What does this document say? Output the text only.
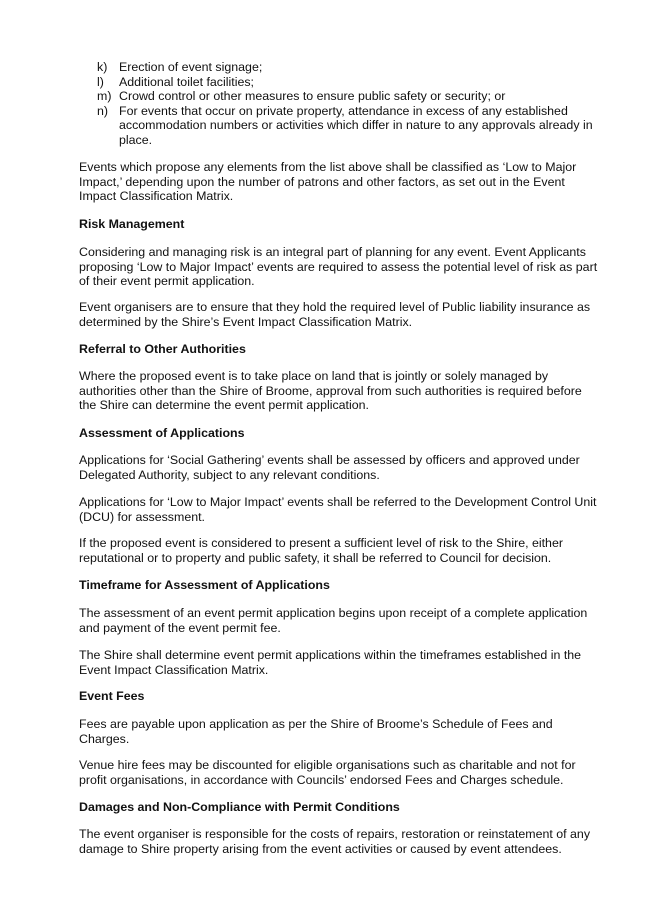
k) Erection of event signage;
l)	Additional toilet facilities;
m) Crowd control or other measures to ensure public safety or security; or
n) For events that occur on private property, attendance in excess of any established accommodation numbers or activities which differ in nature to any approvals already in place.

Events which propose any elements from the list above shall be classified as ‘Low to Major Impact,’ depending upon the number of patrons and other factors, as set out in the Event Impact Classification Matrix.

Risk Management

Considering and managing risk is an integral part of planning for any event. Event Applicants proposing ‘Low to Major Impact’ events are required to assess the potential level of risk as part of their event permit application.

Event organisers are to ensure that they hold the required level of Public liability insurance as determined by the Shire’s Event Impact Classification Matrix.

Referral to Other Authorities

Where the proposed event is to take place on land that is jointly or solely managed by authorities other than the Shire of Broome, approval from such authorities is required before the Shire can determine the event permit application.

Assessment of Applications

Applications for ‘Social Gathering’ events shall be assessed by officers and approved under Delegated Authority, subject to any relevant conditions.

Applications for ‘Low to Major Impact’ events shall be referred to the Development Control Unit (DCU) for assessment.

If the proposed event is considered to present a sufficient level of risk to the Shire, either reputational or to property and public safety, it shall be referred to Council for decision.

Timeframe for Assessment of Applications

The assessment of an event permit application begins upon receipt of a complete application and payment of the event permit fee.

The Shire shall determine event permit applications within the timeframes established in the Event Impact Classification Matrix.

Event Fees

Fees are payable upon application as per the Shire of Broome’s Schedule of Fees and Charges.

Venue hire fees may be discounted for eligible organisations such as charitable and not for profit organisations, in accordance with Councils’ endorsed Fees and Charges schedule.

Damages and Non-Compliance with Permit Conditions

The event organiser is responsible for the costs of repairs, restoration or reinstatement of any damage to Shire property arising from the event activities or caused by event attendees.
